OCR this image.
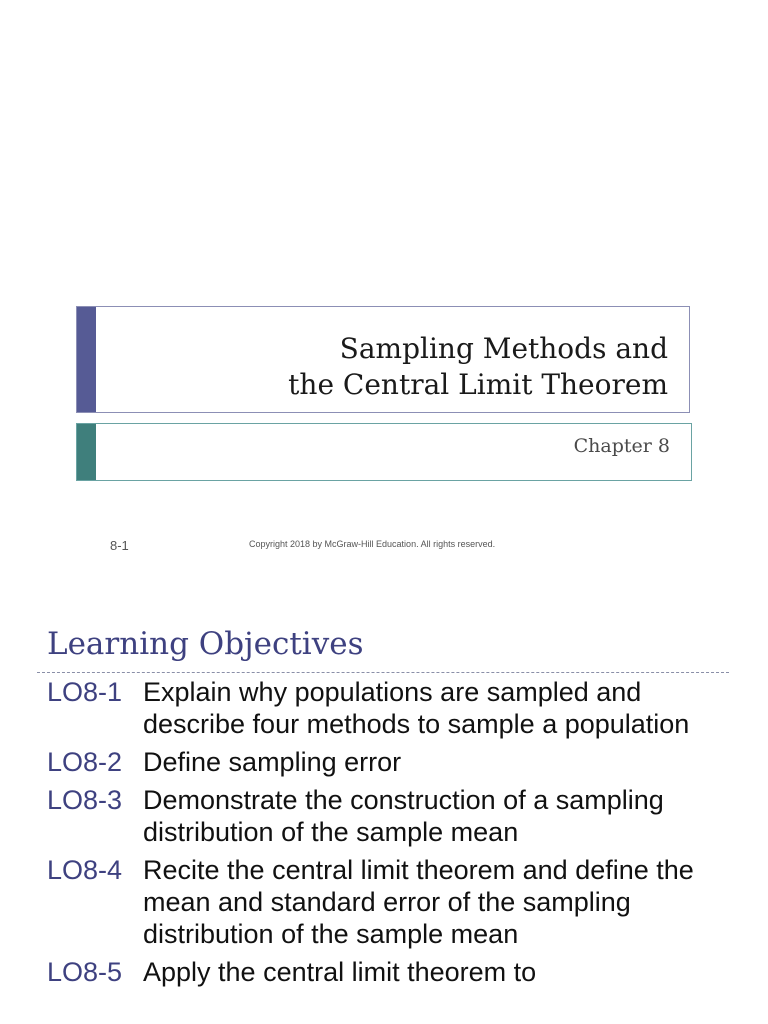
Sampling Methods and
the Central Limit Theorem
Chapter 8
8-1	Copyright 2018 by McGraw-Hill Education. All rights reserved.
Learning Objectives
LO8-1 Explain why populations are sampled and describe four methods to sample a population
LO8-2 Define sampling error
LO8-3 Demonstrate the construction of a sampling distribution of the sample mean
LO8-4 Recite the central limit theorem and define the mean and standard error of the sampling distribution of the sample mean
LO8-5 Apply the central limit theorem to
